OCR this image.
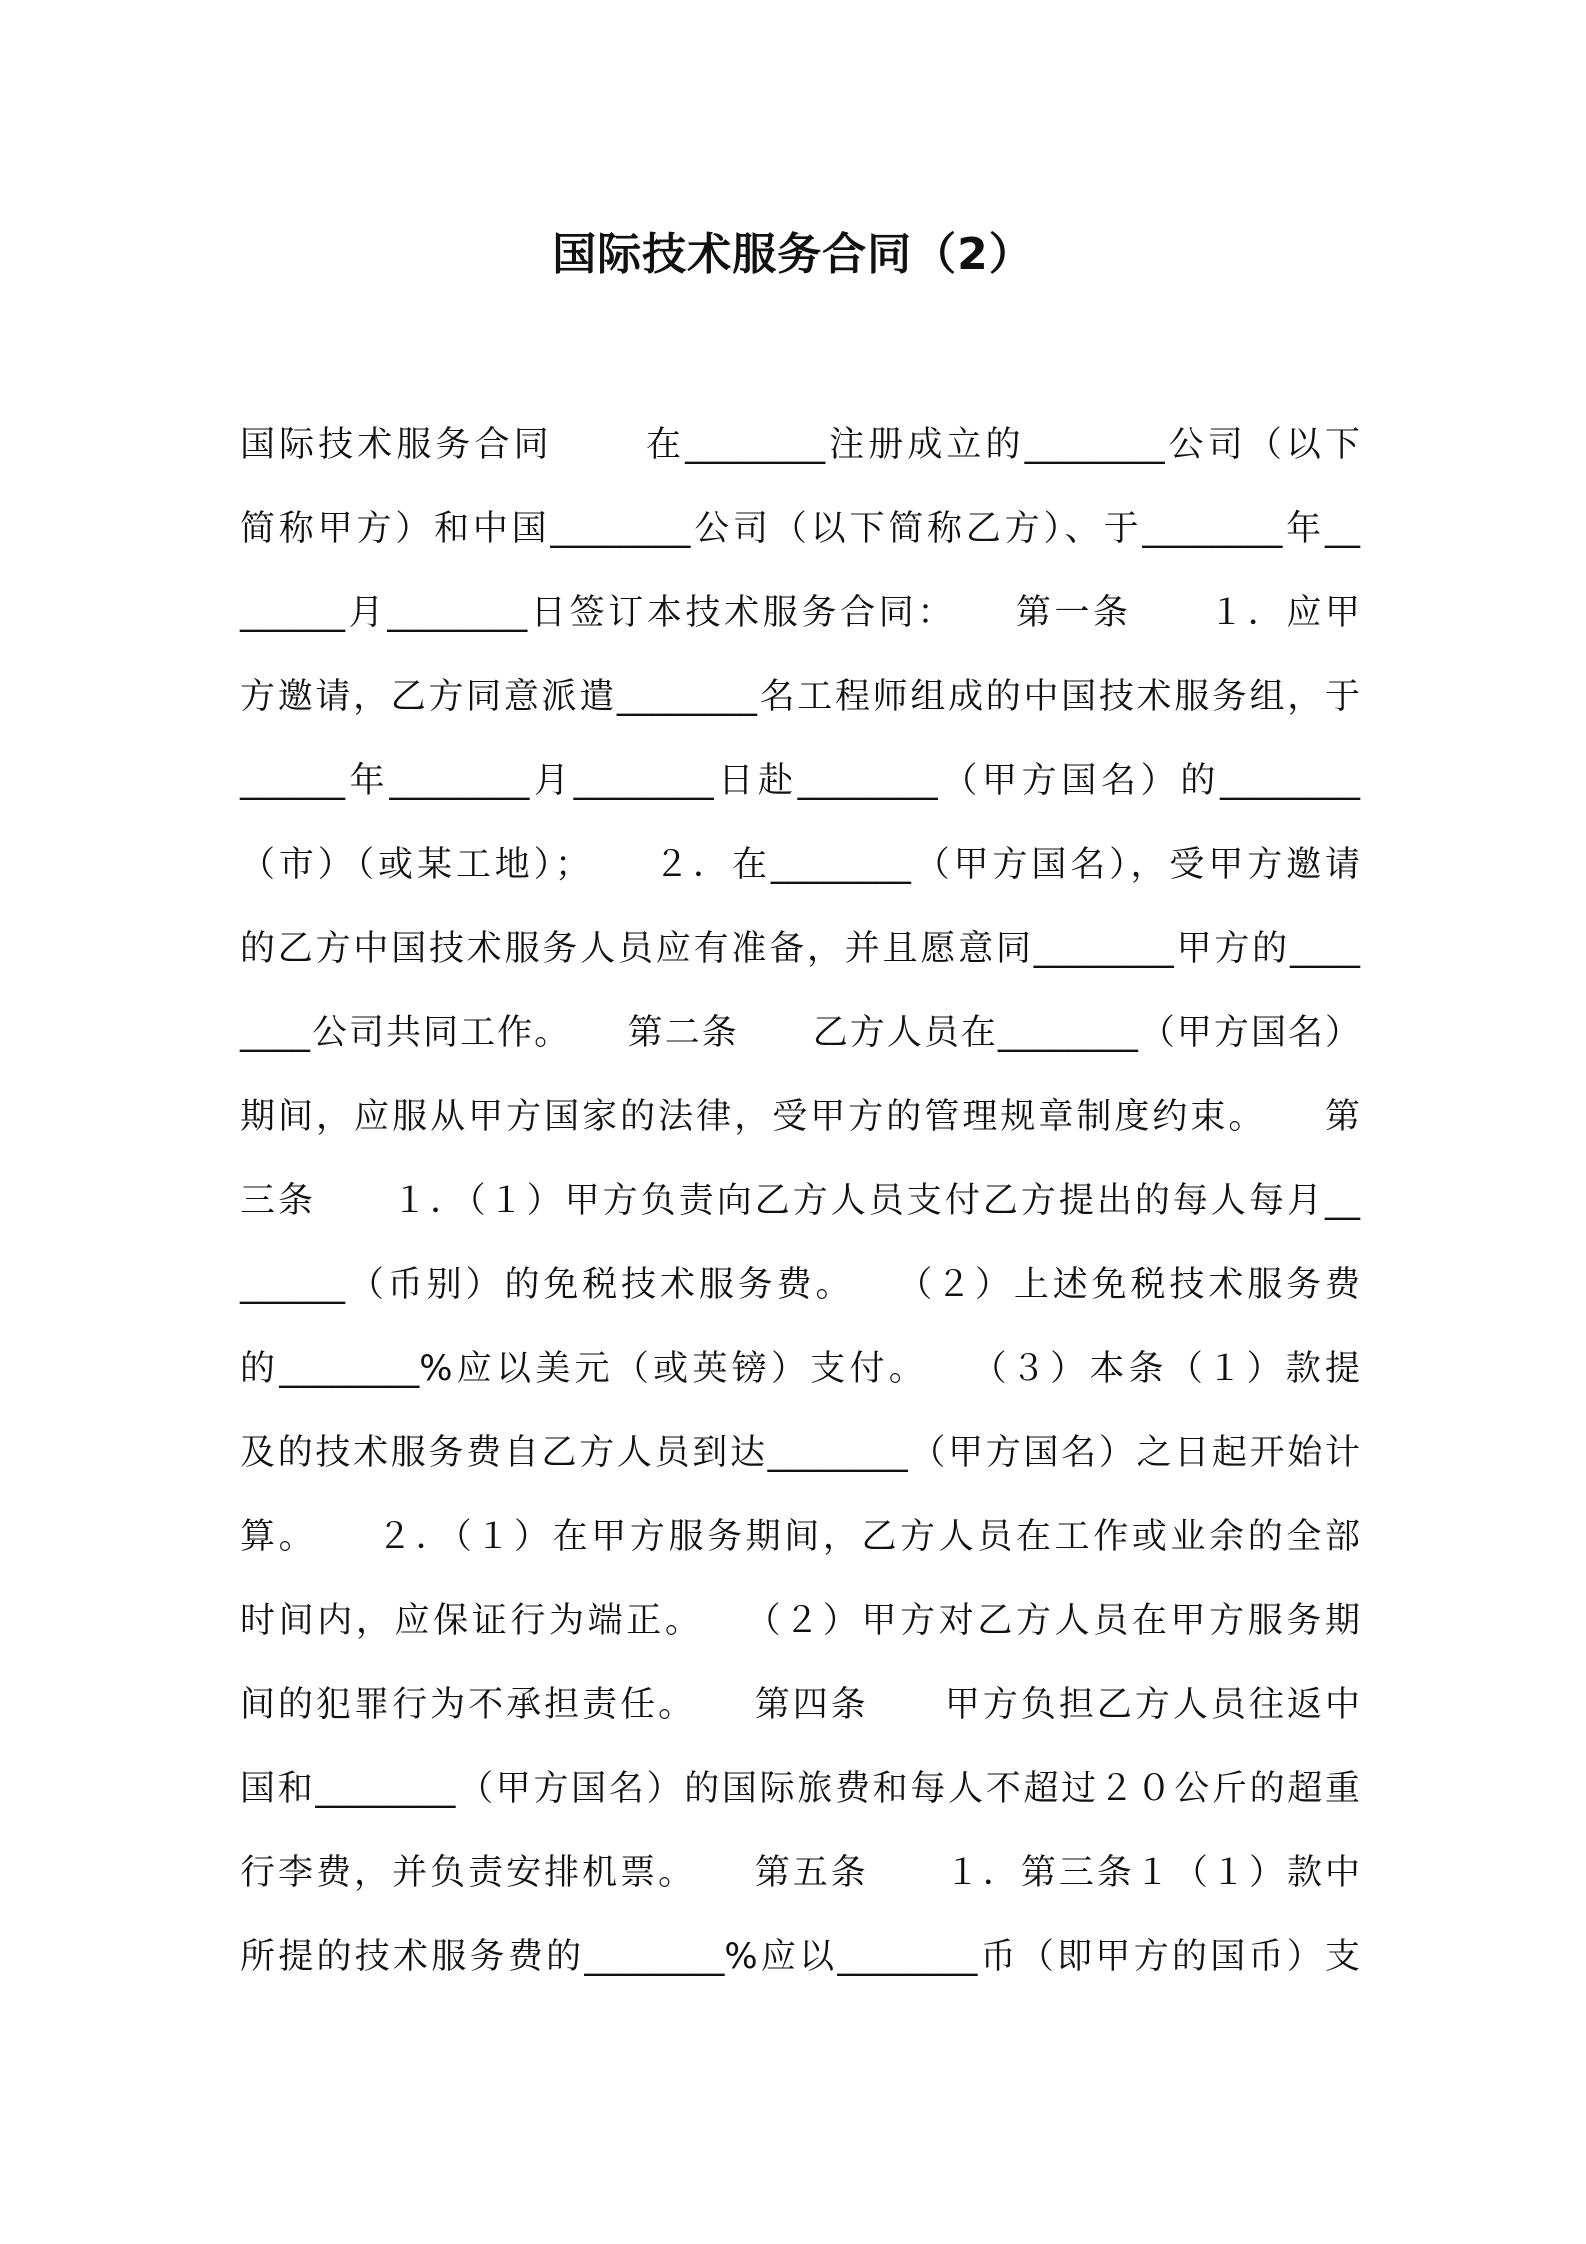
国际技术服务合同（2）
国际技术服务合同 　　在________注册成立的________公司（以下
简称甲方）和中国________公司（以下简称乙方）、于________年__
______月________日签订本技术服务合同：　　第一条　　１．应甲
方邀请，乙方同意派遣________名工程师组成的中国技术服务组，于
______年________月________日赴________（甲方国名）的________
（市）（或某工地）；　　２．在________（甲方国名），受甲方邀请
的乙方中国技术服务人员应有准备，并且愿意同________甲方的____
____公司共同工作。　　第二条　　乙方人员在________（甲方国名）
期间，应服从甲方国家的法律，受甲方的管理规章制度约束。　　第
三条　　１．（１）甲方负责向乙方人员支付乙方提出的每人每月__
______（币别）的免税技术服务费。　　（２）上述免税技术服务费
的________%应以美元（或英镑）支付。　　（３）本条（１）款提
及的技术服务费自乙方人员到达________（甲方国名）之日起开始计
算。　　２．（１）在甲方服务期间，乙方人员在工作或业余的全部
时间内，应保证行为端正。　　（２）甲方对乙方人员在甲方服务期
间的犯罪行为不承担责任。　　第四条　　甲方负担乙方人员往返中
国和________（甲方国名）的国际旅费和每人不超过２０公斤的超重
行李费，并负责安排机票。　　第五条　　１．第三条１（１）款中
所提的技术服务费的________%应以________币（即甲方的国币）支
